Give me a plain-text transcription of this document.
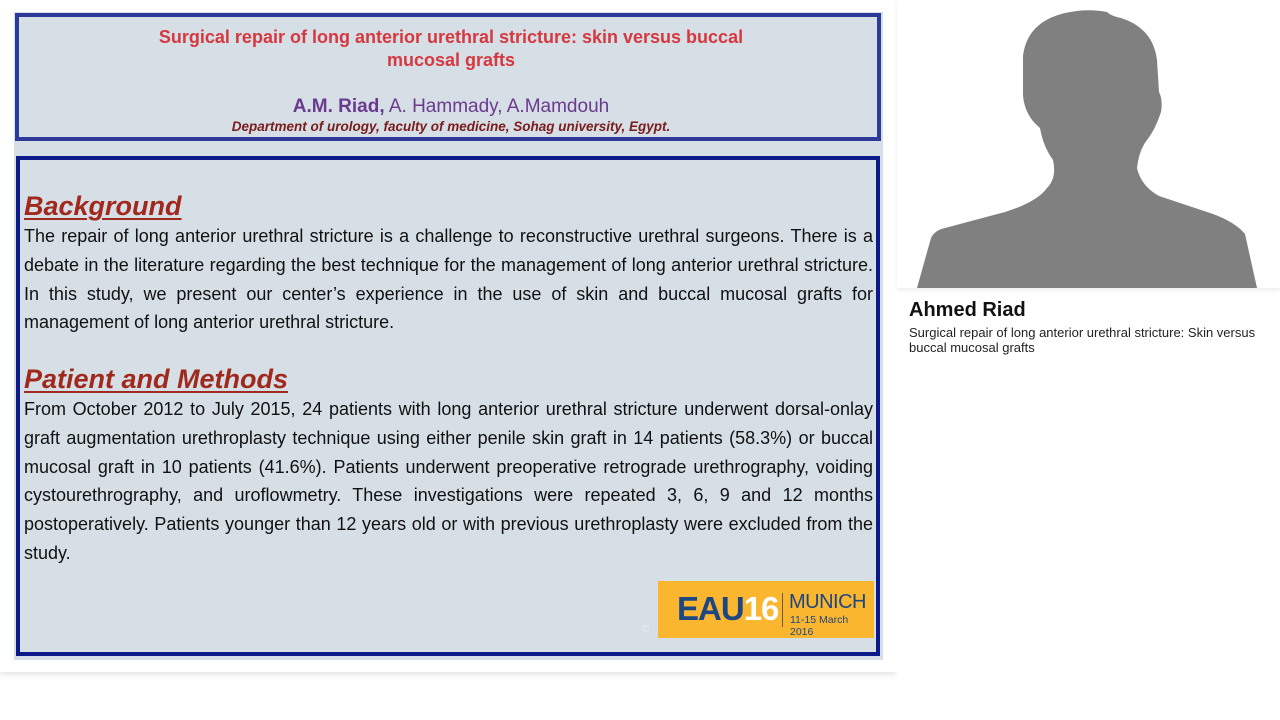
Surgical repair of long anterior urethral stricture: skin versus buccal
mucosal grafts
A.M. Riad, A. Hammady, A.Mamdouh
Department of urology, faculty of medicine, Sohag university, Egypt.
Background
The repair of long anterior urethral stricture is a challenge to reconstructive urethral surgeons. There is a debate in the literature regarding the best technique for the management of long anterior urethral stricture. In this study, we present our center’s experience in the use of skin and buccal mucosal grafts for management of long anterior urethral stricture.
Patient and Methods
From October 2012 to July 2015, 24 patients with long anterior urethral stricture underwent dorsal-onlay graft augmentation urethroplasty technique using either penile skin graft in 14 patients (58.3%) or buccal mucosal graft in 10 patients (41.6%). Patients underwent preoperative retrograde urethrography, voiding cystourethrography, and uroflowmetry. These investigations were repeated 3, 6, 9 and 12 months postoperatively. Patients younger than 12 years old or with previous urethroplasty were excluded from the study.
©
EAU16 MUNICH
11-15 March 2016
Ahmed Riad
Surgical repair of long anterior urethral stricture: Skin versus buccal mucosal grafts
